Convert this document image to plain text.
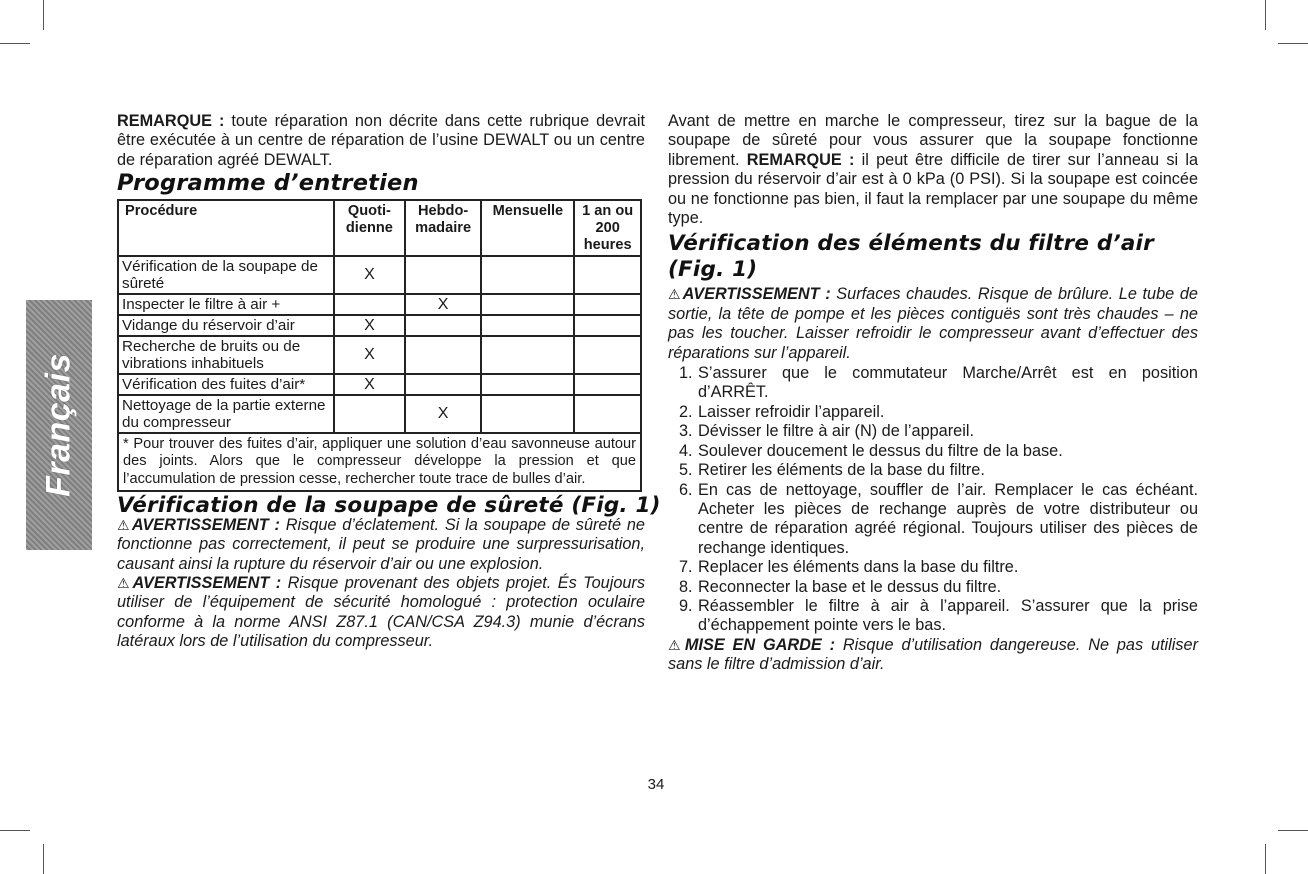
Français

REMARQUE : toute réparation non décrite dans cette rubrique devrait être exécutée à un centre de réparation de l’usine DEWALT ou un centre de réparation agréé DEWALT.

Programme d’entretien
Procédure	Quoti- dienne	Hebdo- madaire	Mensuelle	1 an ou 200 heures
Vérification de la soupape de sûreté	X			
Inspecter le filtre à air +		X		
Vidange du réservoir d’air	X			
Recherche de bruits ou de vibrations inhabituels	X			
Vérification des fuites d’air*	X			
Nettoyage de la partie externe du compresseur		X		
* Pour trouver des fuites d’air, appliquer une solution d’eau savonneuse autour des joints. Alors que le compresseur développe la pression et que l’accumulation de pression cesse, rechercher toute trace de bulles d’air.				
Vérification de la soupape de sûreté (Fig. 1)

⚠AVERTISSEMENT : Risque d’éclatement. Si la soupape de sûreté ne fonctionne pas correctement, il peut se produire une surpressurisation, causant ainsi la rupture du réservoir d’air ou une explosion.

⚠AVERTISSEMENT : Risque provenant des objets projet. És Toujours utiliser de l’équipement de sécurité homologué : protection oculaire conforme à la norme ANSI Z87.1 (CAN/CSA Z94.3) munie d’écrans latéraux lors de l’utilisation du compresseur.

Avant de mettre en marche le compresseur, tirez sur la bague de la soupape de sûreté pour vous assurer que la soupape fonctionne librement. REMARQUE : il peut être difficile de tirer sur l’anneau si la pression du réservoir d’air est à 0 kPa (0 PSI). Si la soupape est coincée ou ne fonctionne pas bien, il faut la remplacer par une soupape du même type.

Vérification des éléments du filtre d’air (Fig. 1)

⚠AVERTISSEMENT : Surfaces chaudes. Risque de brûlure. Le tube de sortie, la tête de pompe et les pièces contiguës sont très chaudes – ne pas les toucher. Laisser refroidir le compresseur avant d’effectuer des réparations sur l’appareil.

1. S’assurer que le commutateur Marche/Arrêt est en position d’ARRÊT.
2. Laisser refroidir l’appareil.
3. Dévisser le filtre à air (N) de l’appareil.
4. Soulever doucement le dessus du filtre de la base.
5. Retirer les éléments de la base du filtre.
6. En cas de nettoyage, souffler de l’air. Remplacer le cas échéant. Acheter les pièces de rechange auprès de votre distributeur ou centre de réparation agréé régional. Toujours utiliser des pièces de rechange identiques.
7. Replacer les éléments dans la base du filtre.
8. Reconnecter la base et le dessus du filtre.
9. Réassembler le filtre à air à l’appareil. S’assurer que la prise d’échappement pointe vers le bas.

⚠MISE EN GARDE : Risque d’utilisation dangereuse. Ne pas utiliser sans le filtre d’admission d’air.

34
